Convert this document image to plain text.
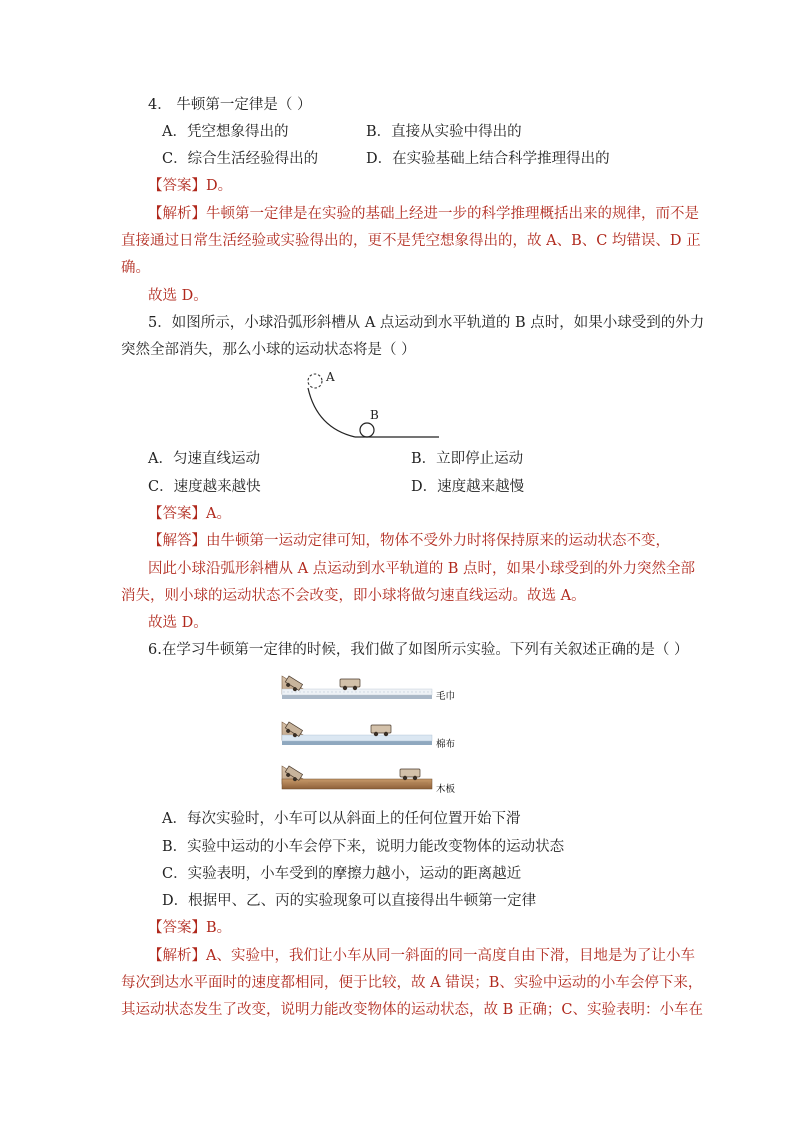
4． 牛顿第一定律是（ ）
A．凭空想象得出的	B．直接从实验中得出的
C．综合生活经验得出的	D．在实验基础上结合科学推理得出的
【答案】D。
【解析】牛顿第一定律是在实验的基础上经进一步的科学推理概括出来的规律，而不是
直接通过日常生活经验或实验得出的，更不是凭空想象得出的，故 A、B、C 均错误、D 正
确。
故选 D。
5．如图所示，小球沿弧形斜槽从 A 点运动到水平轨道的 B 点时，如果小球受到的外力
突然全部消失，那么小球的运动状态将是（ ）
A
B
A．匀速直线运动	B．立即停止运动
C．速度越来越快	D．速度越来越慢
【答案】A。
【解答】由牛顿第一运动定律可知，物体不受外力时将保持原来的运动状态不变，
因此小球沿弧形斜槽从 A 点运动到水平轨道的 B 点时，如果小球受到的外力突然全部
消失，则小球的运动状态不会改变，即小球将做匀速直线运动。故选 A。
故选 D。
6.在学习牛顿第一定律的时候，我们做了如图所示实验。下列有关叙述正确的是（ ）
毛巾
棉布
木板
A．每次实验时，小车可以从斜面上的任何位置开始下滑
B．实验中运动的小车会停下来，说明力能改变物体的运动状态
C．实验表明，小车受到的摩擦力越小，运动的距离越近
D．根据甲、乙、丙的实验现象可以直接得出牛顿第一定律
【答案】B。
【解析】A、实验中，我们让小车从同一斜面的同一高度自由下滑，目地是为了让小车
每次到达水平面时的速度都相同，便于比较，故 A 错误；B、实验中运动的小车会停下来，
其运动状态发生了改变，说明力能改变物体的运动状态，故 B 正确；C、实验表明：小车在
